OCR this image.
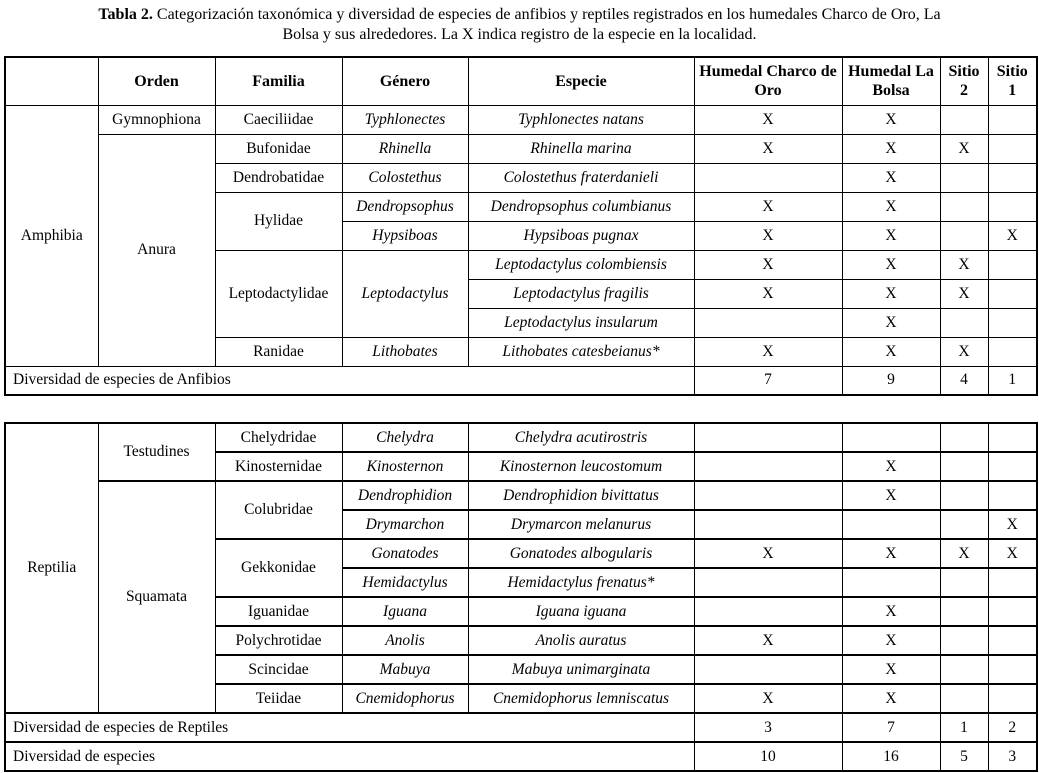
Tabla 2. Categorización taxonómica y diversidad de especies de anfibios y reptiles registrados en los humedales Charco de Oro, La
Bolsa y sus alrededores. La X indica registro de la especie en la localidad.
	Orden	Familia	Género	Especie	Humedal Charco de Oro	Humedal La Bolsa	Sitio 2	Sitio 1
Amphibia	Gymnophiona	Caeciliidae	Typhlonectes	Typhlonectes natans	X	X		
	Anura	Bufonidae	Rhinella	Rhinella marina	X	X	X	
		Dendrobatidae	Colostethus	Colostethus fraterdanieli		X		
		Hylidae	Dendropsophus	Dendropsophus columbianus	X	X		
			Hypsiboas	Hypsiboas pugnax	X	X		X
		Leptodactylidae	Leptodactylus	Leptodactylus colombiensis	X	X	X	
				Leptodactylus fragilis	X	X	X	
				Leptodactylus insularum		X		
		Ranidae	Lithobates	Lithobates catesbeianus*	X	X	X	
Diversidad de especies de Anfibios					7	9	4	1
Reptilia	Testudines	Chelydridae	Chelydra	Chelydra acutirostris				
		Kinosternidae	Kinosternon	Kinosternon leucostomum		X		
	Squamata	Colubridae	Dendrophidion	Dendrophidion bivittatus		X		
			Drymarchon	Drymarcon melanurus				X
		Gekkonidae	Gonatodes	Gonatodes albogularis	X	X	X	X
			Hemidactylus	Hemidactylus frenatus*				
		Iguanidae	Iguana	Iguana iguana		X		
		Polychrotidae	Anolis	Anolis auratus	X	X		
		Scincidae	Mabuya	Mabuya unimarginata		X		
		Teiidae	Cnemidophorus	Cnemidophorus lemniscatus	X	X		
Diversidad de especies de Reptiles					3	7	1	2
Diversidad de especies					10	16	5	3
